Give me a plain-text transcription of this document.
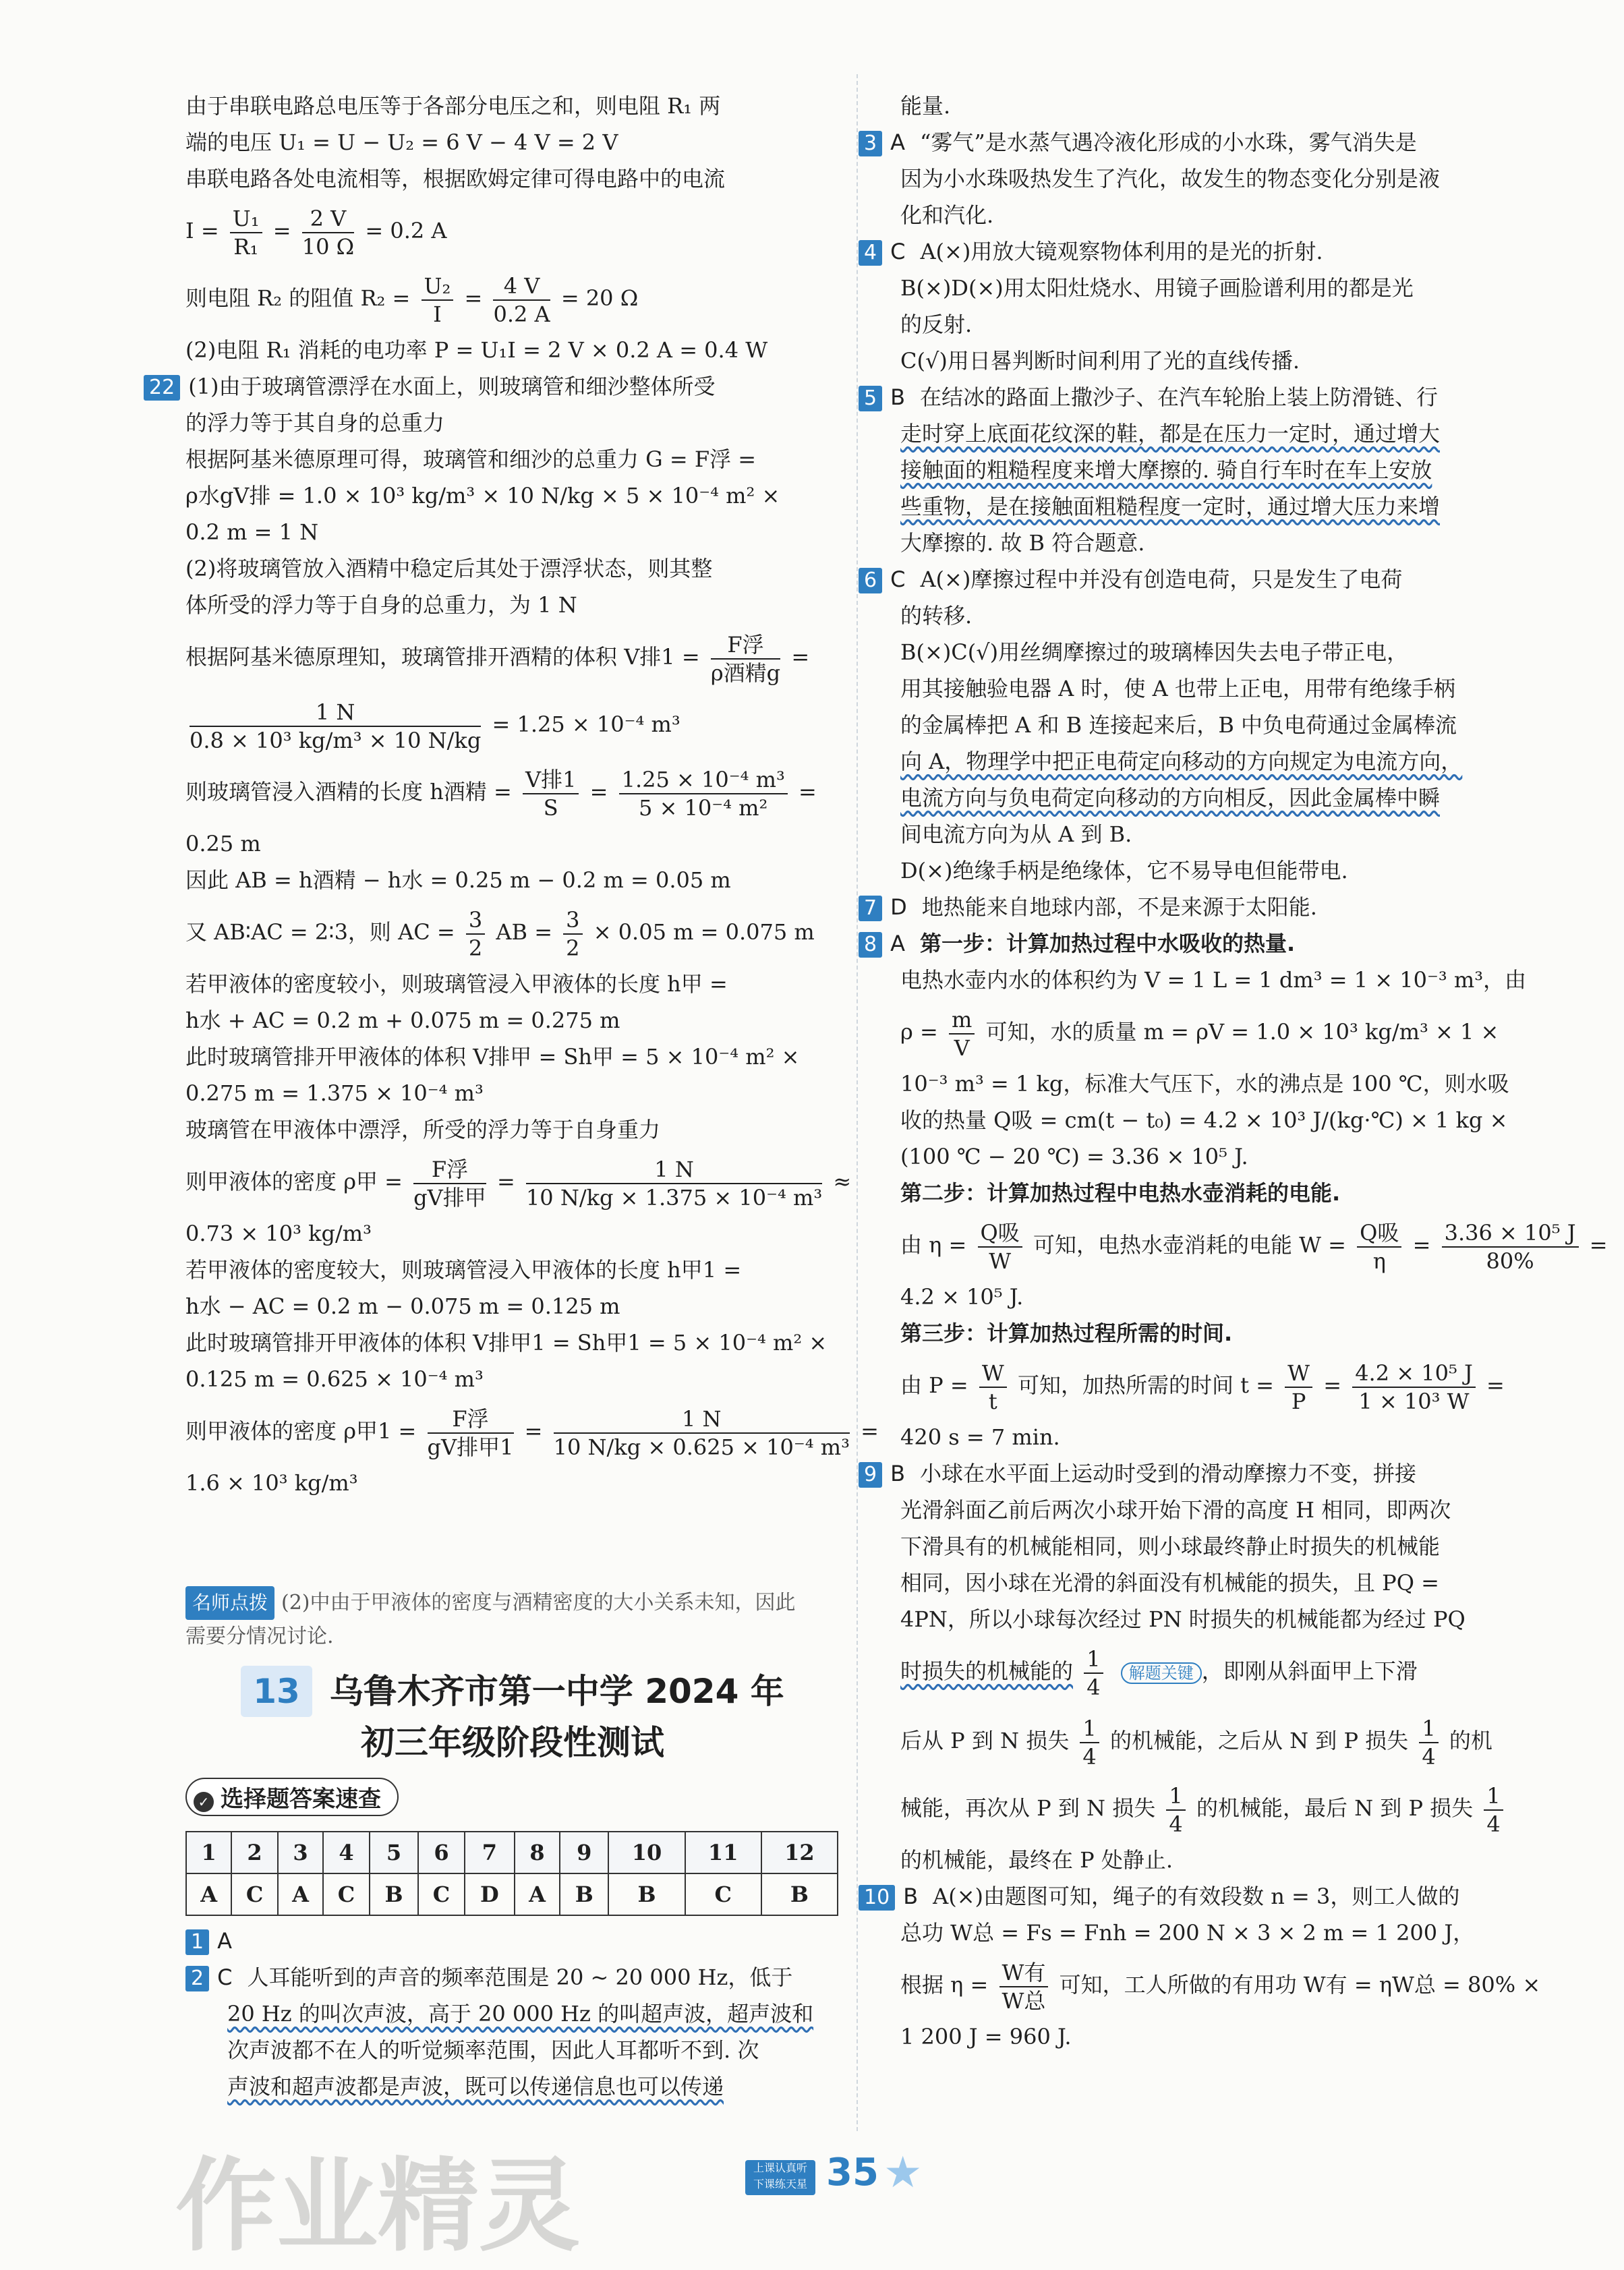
由于串联电路总电压等于各部分电压之和，则电阻 R₁ 两
端的电压 U₁ = U − U₂ = 6 V − 4 V = 2 V
串联电路各处电流相等，根据欧姆定律可得电路中的电流
$I = \frac{\text{U₁}}{\text{R₁}} = \frac{2 V}{10 \Omega} = 0.2$ A
则电阻 R₂ 的阻值 $R_2 = \frac{\text{U₂}}{I} = \frac{4 V}{0.2 A} = 20$ Ω
(2)电阻 R₁ 消耗的电功率 P = U₁I = 2 V × 0.2 A = 0.4 W
22 (1)由于玻璃管漂浮在水面上，则玻璃管和细沙整体所受
的浮力等于其自身的总重力
根据阿基米德原理可得，玻璃管和细沙的总重力 G = F浮 =
ρ水gV排 = 1.0 × 10³ kg/m³ × 10 N/kg × 5 × 10⁻⁴ m² ×
0.2 m = 1 N
(2)将玻璃管放入酒精中稳定后其处于漂浮状态，则其整
体所受的浮力等于自身的总重力，为 1 N
根据阿基米德原理知，玻璃管排开酒精的体积 V排$1 = \frac{\text{F浮}}{\text{ρ酒精g}}$ =
$\frac{1 N}{\text{0.8 × 10³ kg/m³ × 10 N/kg}} = 1.25 \times 10^{-4}$ m³
则玻璃管浸入酒精的长度 h酒精 = $\frac{\text{V排1}}{S} = \frac{\text{1.25 × 10⁻⁴ m³}}{\text{5 × 10⁻⁴ m²}}$ =
0.25 m
因此 AB = h酒精 − h水 = 0.25 m − 0.2 m = 0.05 m
又 AB∶AC = 2∶3，则 AC = $\frac{3}{2}$ AB = $\frac{3}{2} \times 0.05$ m = 0.075 m
若甲液体的密度较小，则玻璃管浸入甲液体的长度 h甲 =
h水 + AC = 0.2 m + 0.075 m = 0.275 m
此时玻璃管排开甲液体的体积 V排甲 = Sh甲 = 5 × 10⁻⁴ m² ×
0.275 m = 1.375 × 10⁻⁴ m³
玻璃管在甲液体中漂浮，所受的浮力等于自身重力
则甲液体的密度 ρ甲 = $\frac{\text{F浮}}{\text{gV排甲}} = \frac{1 N}{\text{10 N/kg × 1.375 × 10⁻⁴ m³}}$ ≈
0.73 × 10³ kg/m³
若甲液体的密度较大，则玻璃管浸入甲液体的长度 h甲1 =
h水 − AC = 0.2 m − 0.075 m = 0.125 m
此时玻璃管排开甲液体的体积 V排甲1 = Sh甲1 = 5 × 10⁻⁴ m² ×
0.125 m = 0.625 × 10⁻⁴ m³
则甲液体的密度 ρ甲$1 = \frac{\text{F浮}}{\text{gV排甲1}} = \frac{1 N}{\text{10 N/kg × 0.625 × 10⁻⁴ m³}}$ =
1.6 × 10³ kg/m³
名师点拨 (2)中由于甲液体的密度与酒精密度的大小关系未知，因此需要分情况讨论.
13 乌鲁木齐市第一中学 2024 年
初三年级阶段性测试
✓ 选择题答案速查
1	2	3	4	5	6	7	8	9	10	11	12
A	C	A	C	B	C	D	A	B	B	C	B
1 A
2 C 人耳能听到的声音的频率范围是 20 ~ 20 000 Hz，低于
20 Hz 的叫次声波，高于 20 000 Hz 的叫超声波，超声波和
次声波都不在人的听觉频率范围，因此人耳都听不到. 次
声波和超声波都是声波，既可以传递信息也可以传递
能量.
3 A “雾气”是水蒸气遇冷液化形成的小水珠，雾气消失是
因为小水珠吸热发生了汽化，故发生的物态变化分别是液
化和汽化.
4 C A(×)用放大镜观察物体利用的是光的折射.
B(×)D(×)用太阳灶烧水、用镜子画脸谱利用的都是光
的反射.
C(√)用日晷判断时间利用了光的直线传播.
5 B 在结冰的路面上撒沙子、在汽车轮胎上装上防滑链、行
走时穿上底面花纹深的鞋，都是在压力一定时，通过增大
接触面的粗糙程度来增大摩擦的. 骑自行车时在车上安放
些重物，是在接触面粗糙程度一定时，通过增大压力来增
大摩擦的. 故 B 符合题意.
6 C A(×)摩擦过程中并没有创造电荷，只是发生了电荷
的转移.
B(×)C(√)用丝绸摩擦过的玻璃棒因失去电子带正电，
用其接触验电器 A 时，使 A 也带上正电，用带有绝缘手柄
的金属棒把 A 和 B 连接起来后，B 中负电荷通过金属棒流
向 A，物理学中把正电荷定向移动的方向规定为电流方向，
电流方向与负电荷定向移动的方向相反，因此金属棒中瞬
间电流方向为从 A 到 B.
D(×)绝缘手柄是绝缘体，它不易导电但能带电.
7 D 地热能来自地球内部，不是来源于太阳能.
8 A 第一步：计算加热过程中水吸收的热量.
电热水壶内水的体积约为 V = 1 L = 1 dm³ = 1 × 10⁻³ m³，由
$\rho = \frac{m}{V}$ 可知，水的质量 m = ρV = 1.0 × 10³ kg/m³ × 1 ×
10⁻³ m³ = 1 kg，标准大气压下，水的沸点是 100 ℃，则水吸
收的热量 Q吸 = cm(t − t₀) = 4.2 × 10³ J/(kg·℃) × 1 kg ×
(100 ℃ − 20 ℃) = 3.36 × 10⁵ J.
第二步：计算加热过程中电热水壶消耗的电能.
由 $\eta = \frac{\text{Q吸}}{W}$ 可知，电热水壶消耗的电能 $W = \frac{\text{Q吸}}{\eta} = \frac{\text{3.36 × 10⁵ J}}{80\%}$ =
4.2 × 10⁵ J.
第三步：计算加热过程所需的时间.
由 $P = \frac{W}{t}$ 可知，加热所需的时间 $t = \frac{W}{P} = \frac{\text{4.2 × 10⁵ J}}{\text{1 × 10³ W}}$ =
420 s = 7 min.
9 B 小球在水平面上运动时受到的滑动摩擦力不变，拼接
光滑斜面乙前后两次小球开始下滑的高度 H 相同，即两次
下滑具有的机械能相同，则小球最终静止时损失的机械能
相同，因小球在光滑的斜面没有机械能的损失，且 PQ =
4PN，所以小球每次经过 PN 时损失的机械能都为经过 PQ
时损失的机械能的 $\frac{1}{4}$ 解题关键 ，即刚从斜面甲上下滑
后从 P 到 N 损失 $\frac{1}{4}$ 的机械能，之后从 N 到 P 损失 $\frac{1}{4}$ 的机
械能，再次从 P 到 N 损失 $\frac{1}{4}$ 的机械能，最后 N 到 P 损失 $\frac{1}{4}$
的机械能，最终在 P 处静止.
10 B A(×)由题图可知，绳子的有效段数 n = 3，则工人做的
总功 W总 = Fs = Fnh = 200 N × 3 × 2 m = 1 200 J，
根据 $\eta = \frac{\text{W有}}{\text{W总}}$ 可知，工人所做的有用功 W有 = ηW总 = 80% ×
1 200 J = 960 J.
上课认真听
下课练天星 35 ★
作业精灵
